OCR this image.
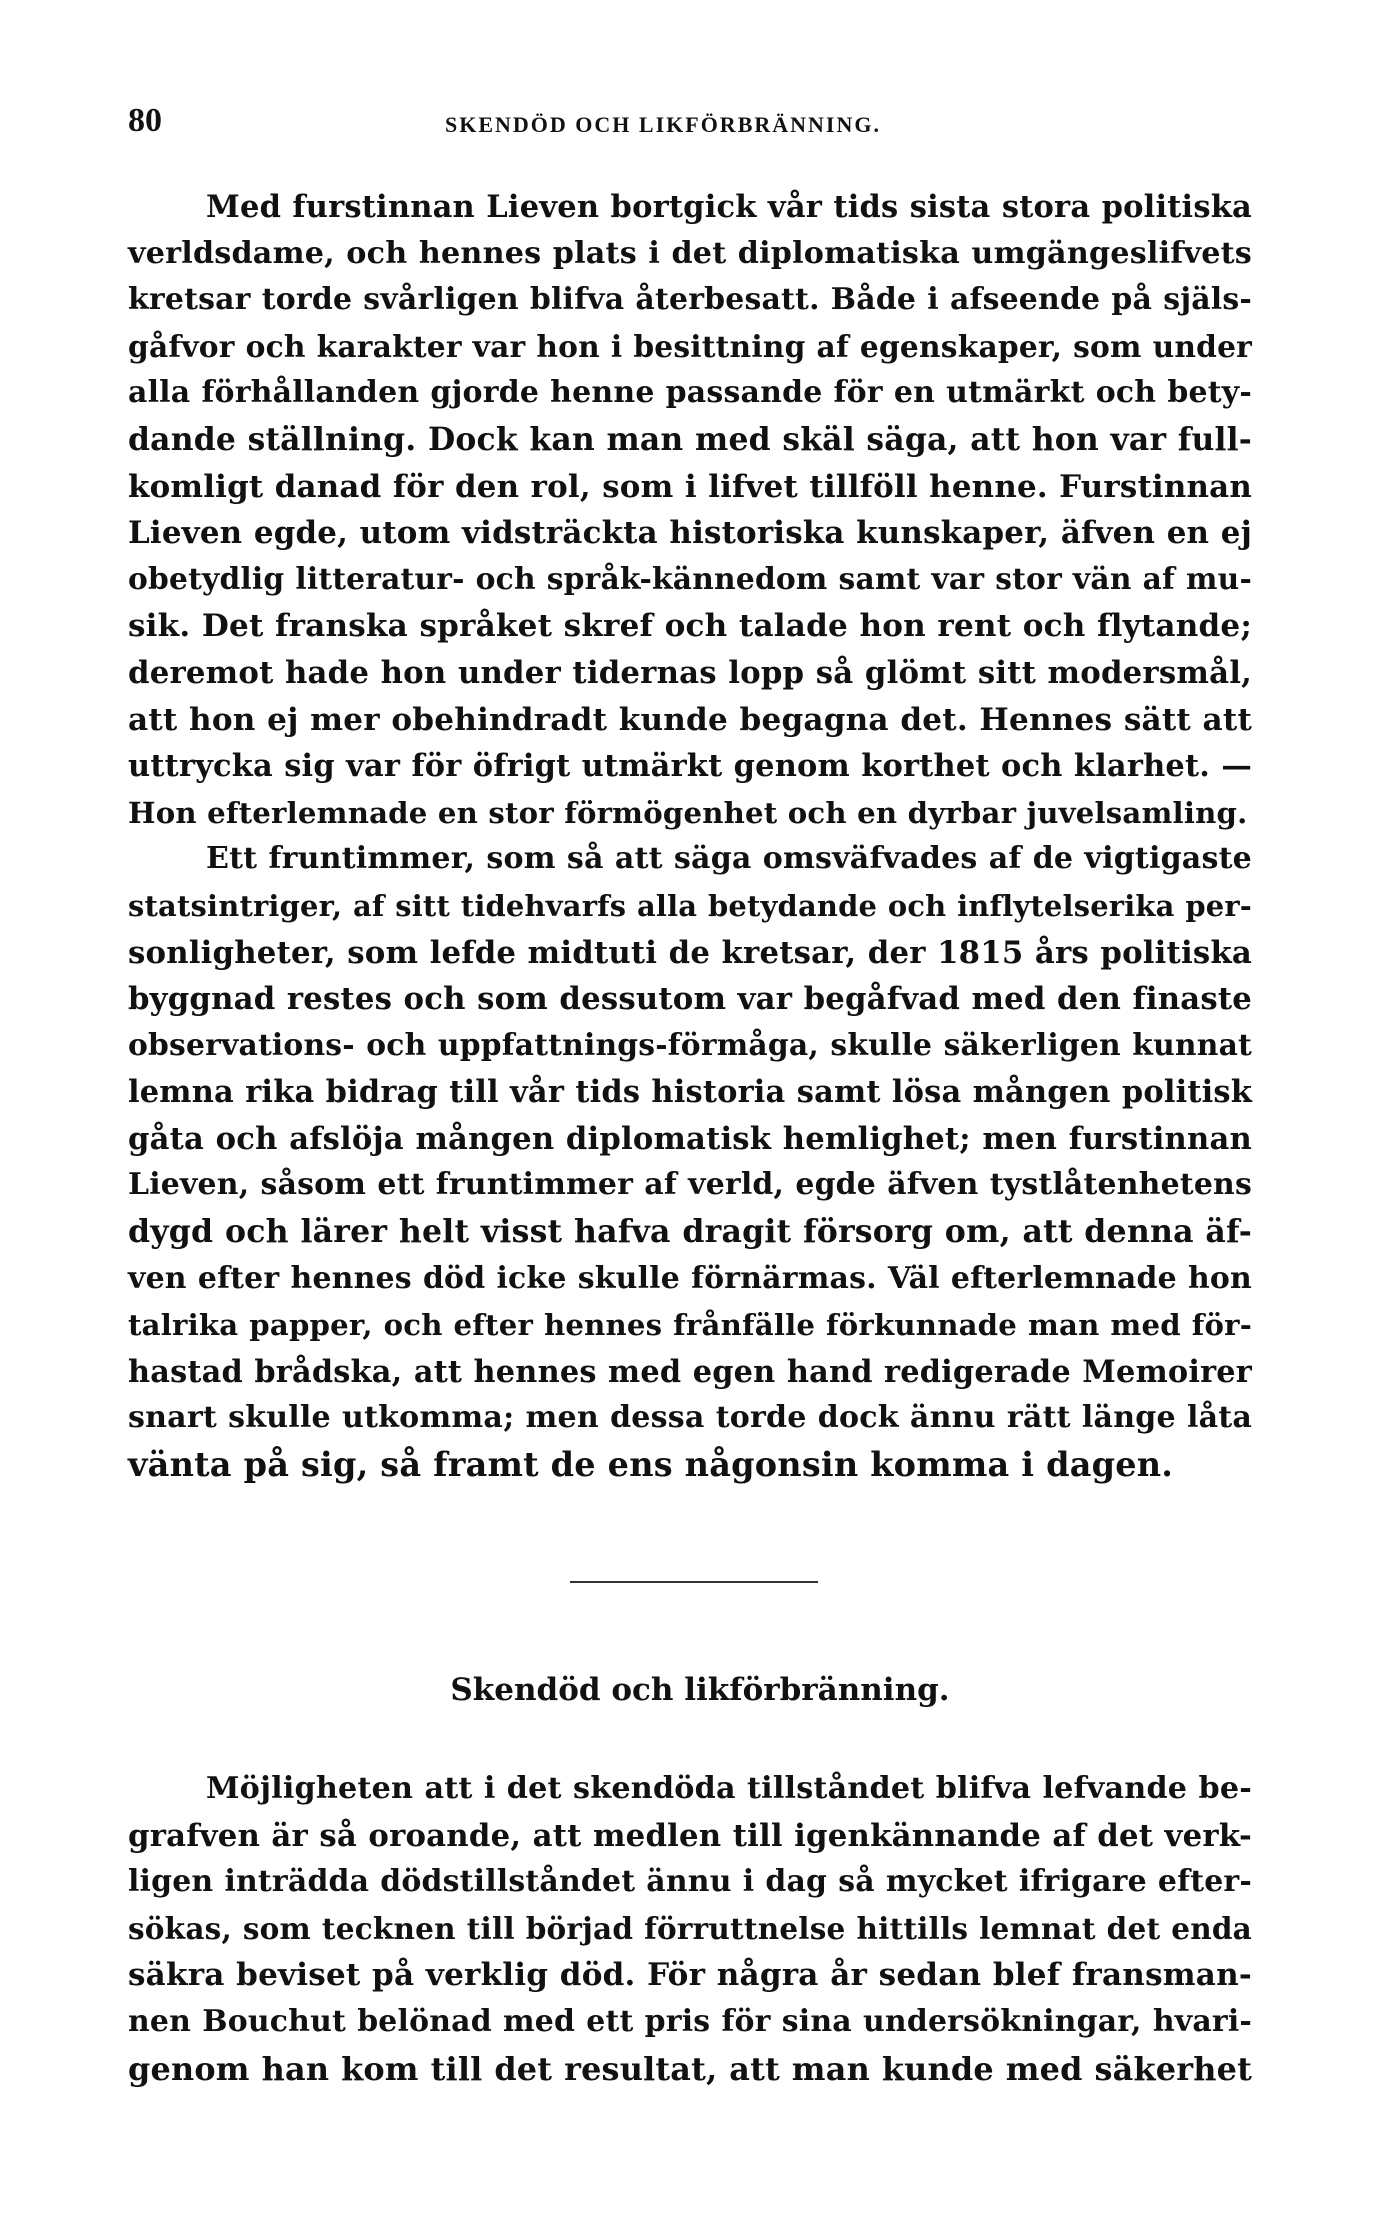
80	SKENDÖD OCH LIKFÖRBRÄNNING.
Med furstinnan Lieven bortgick vår tids sista stora politiska
verldsdame, och hennes plats i det diplomatiska umgängeslifvets
kretsar torde svårligen blifva återbesatt. Både i afseende på själs-
gåfvor och karakter var hon i besittning af egenskaper, som under
alla förhållanden gjorde henne passande för en utmärkt och bety-
dande ställning. Dock kan man med skäl säga, att hon var full-
komligt danad för den rol, som i lifvet tillföll henne. Furstinnan
Lieven egde, utom vidsträckta historiska kunskaper, äfven en ej
obetydlig litteratur- och språk-kännedom samt var stor vän af mu-
sik. Det franska språket skref och talade hon rent och flytande;
deremot hade hon under tidernas lopp så glömt sitt modersmål,
att hon ej mer obehindradt kunde begagna det. Hennes sätt att
uttrycka sig var för öfrigt utmärkt genom korthet och klarhet. —
Hon efterlemnade en stor förmögenhet och en dyrbar juvelsamling.
Ett fruntimmer, som så att säga omsväfvades af de vigtigaste
statsintriger, af sitt tidehvarfs alla betydande och inflytelserika per-
sonligheter, som lefde midtuti de kretsar, der 1815 års politiska
byggnad restes och som dessutom var begåfvad med den finaste
observations- och uppfattnings-förmåga, skulle säkerligen kunnat
lemna rika bidrag till vår tids historia samt lösa mången politisk
gåta och afslöja mången diplomatisk hemlighet; men furstinnan
Lieven, såsom ett fruntimmer af verld, egde äfven tystlåtenhetens
dygd och lärer helt visst hafva dragit försorg om, att denna äf-
ven efter hennes död icke skulle förnärmas. Väl efterlemnade hon
talrika papper, och efter hennes frånfälle förkunnade man med för-
hastad brådska, att hennes med egen hand redigerade Memoirer
snart skulle utkomma; men dessa torde dock ännu rätt länge låta
vänta på sig, så framt de ens någonsin komma i dagen.
Skendöd och likförbränning.
Möjligheten att i det skendöda tillståndet blifva lefvande be-
grafven är så oroande, att medlen till igenkännande af det verk-
ligen inträdda dödstillståndet ännu i dag så mycket ifrigare efter-
sökas, som tecknen till börjad förruttnelse hittills lemnat det enda
säkra beviset på verklig död. För några år sedan blef fransman-
nen Bouchut belönad med ett pris för sina undersökningar, hvari-
genom han kom till det resultat, att man kunde med säkerhet
